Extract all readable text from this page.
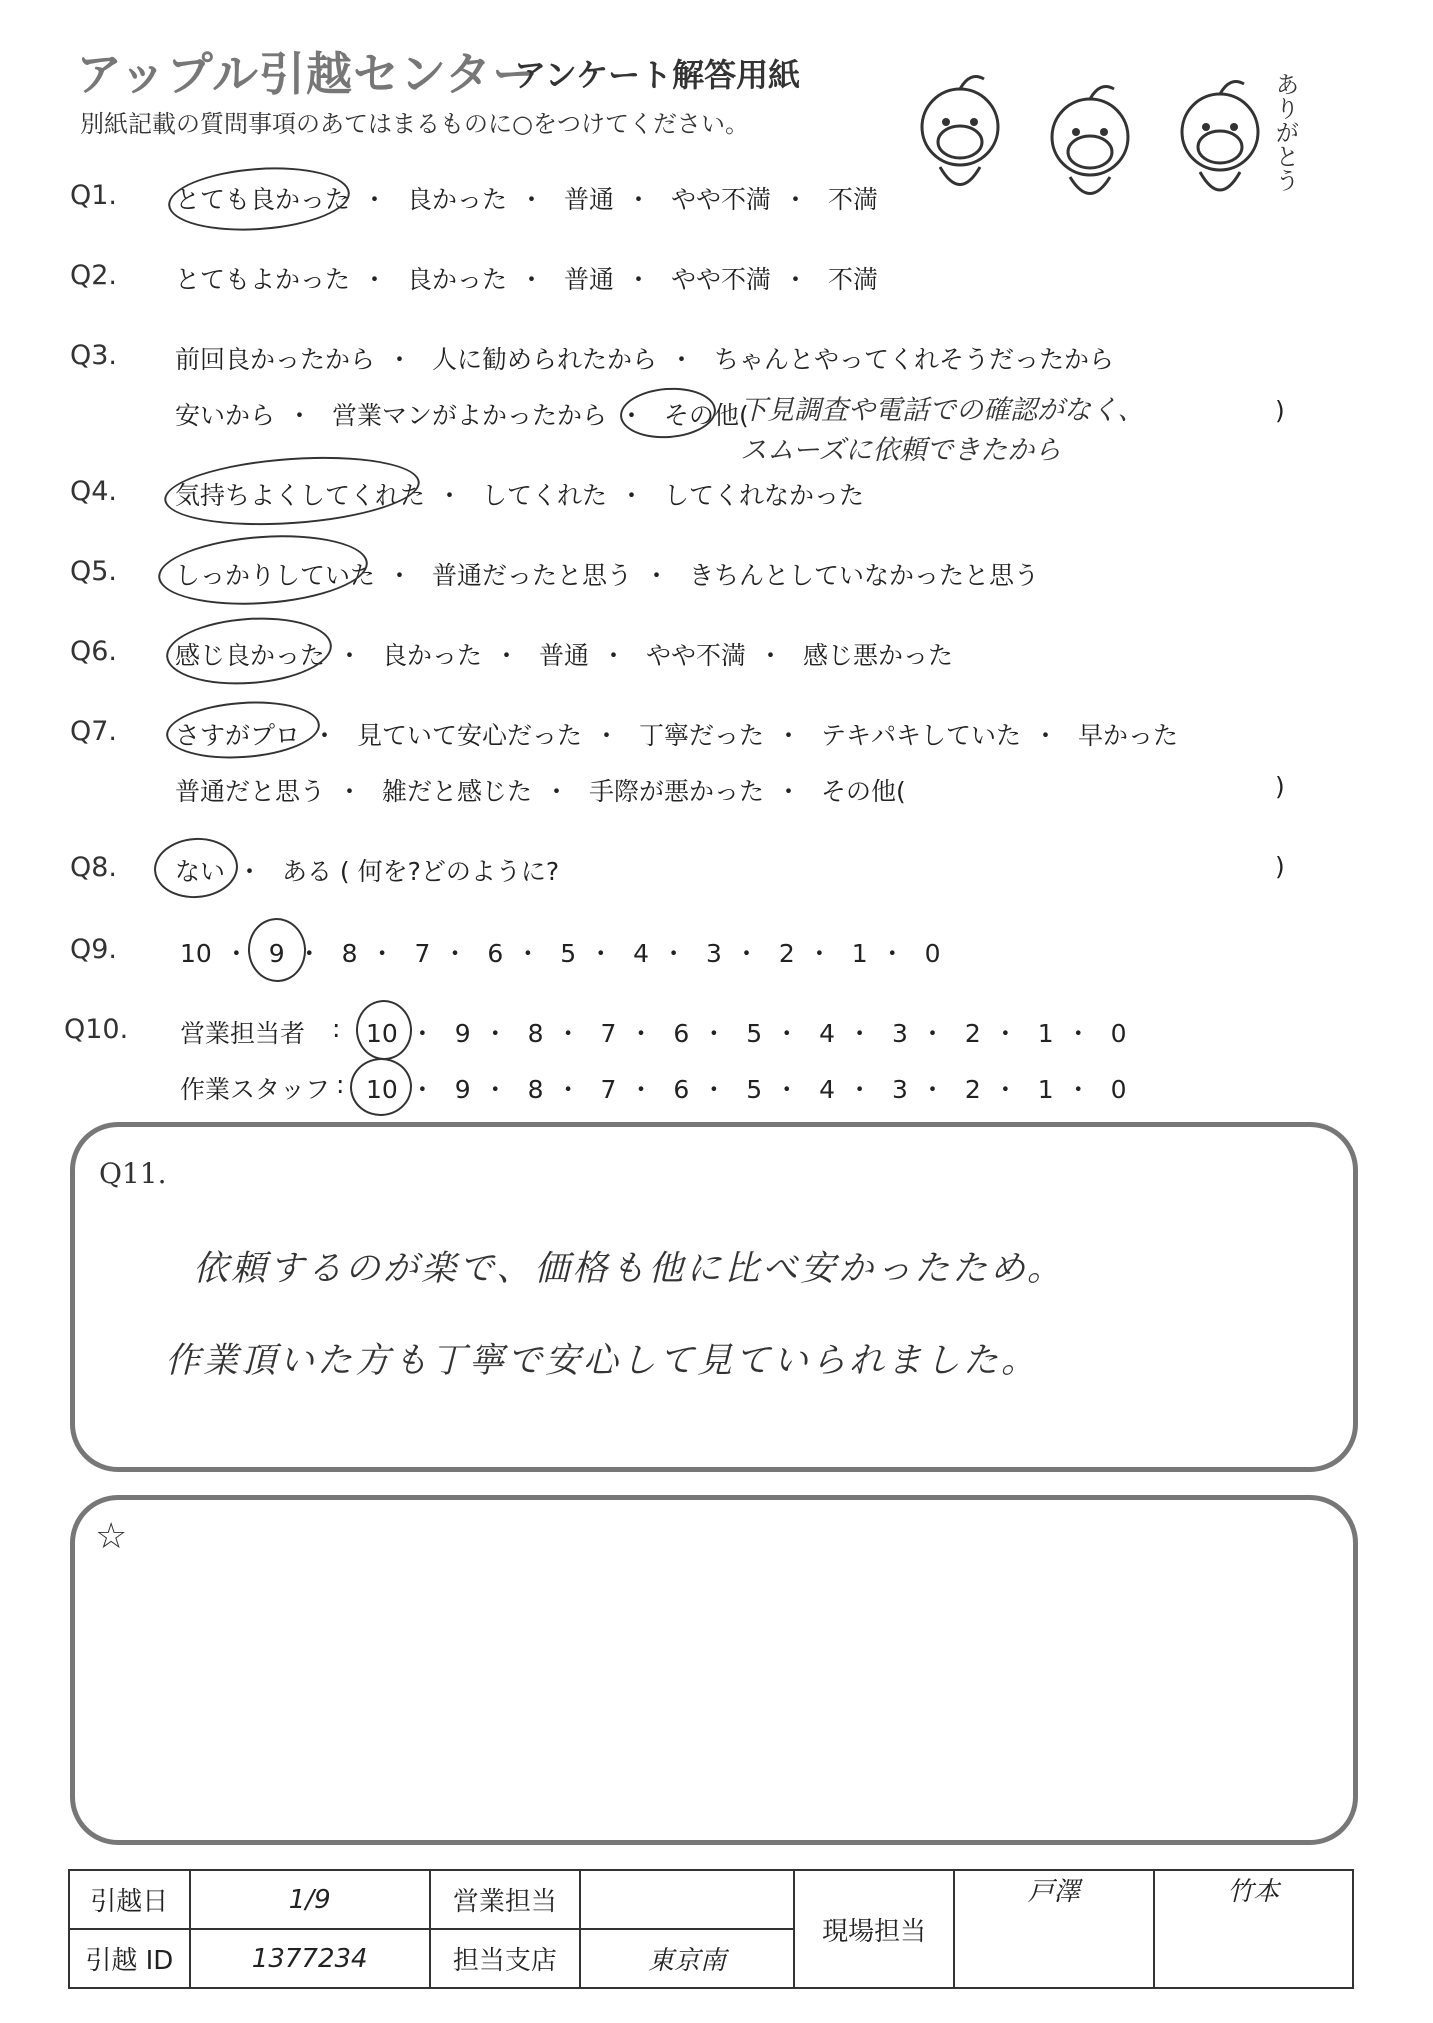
アップル引越センター
アンケート解答用紙
別紙記載の質問事項のあてはまるものに○をつけてください。	ありがとう
Q1. とても良かった ・ 良かった ・ 普通 ・ やや不満 ・ 不満
Q2. とてもよかった ・ 良かった ・ 普通 ・ やや不満 ・ 不満
Q3. 前回良かったから ・ 人に勧められたから ・ ちゃんとやってくれそうだったから
安いから ・ 営業マンがよかったから ・ その他(
下見調査や電話での確認がなく、
スムーズに依頼できたから
)
Q4. 気持ちよくしてくれた ・ してくれた ・ してくれなかった
Q5. しっかりしていた ・ 普通だったと思う ・ きちんとしていなかったと思う
Q6. 感じ良かった ・ 良かった ・ 普通 ・ やや不満 ・ 感じ悪かった
Q7. さすがプロ ・ 見ていて安心だった ・ 丁寧だった ・ テキパキしていた ・ 早かった
普通だと思う ・ 雑だと感じた ・ 手際が悪かった ・ その他(	)
Q8. ない ・ ある ( 何を?どのように?	)
Q9.	10 ・ 9 ・ 8 ・ 7 ・ 6 ・ 5 ・ 4 ・ 3 ・ 2 ・ 1 ・ 0
Q10. 営業担当者 : 10 ・ 9 ・ 8 ・ 7 ・ 6 ・ 5 ・ 4 ・ 3 ・ 2 ・ 1 ・ 0
作業スタッフ : 10 ・ 9 ・ 8 ・ 7 ・ 6 ・ 5 ・ 4 ・ 3 ・ 2 ・ 1 ・ 0
Q11.
依頼するのが楽で、価格も他に比べ安かったため。
作業頂いた方も丁寧で安心して見ていられました。
☆
引越日	1/9	営業担当		現場担当	戸澤	竹本
引越 ID	1377234	担当支店	東京南			
